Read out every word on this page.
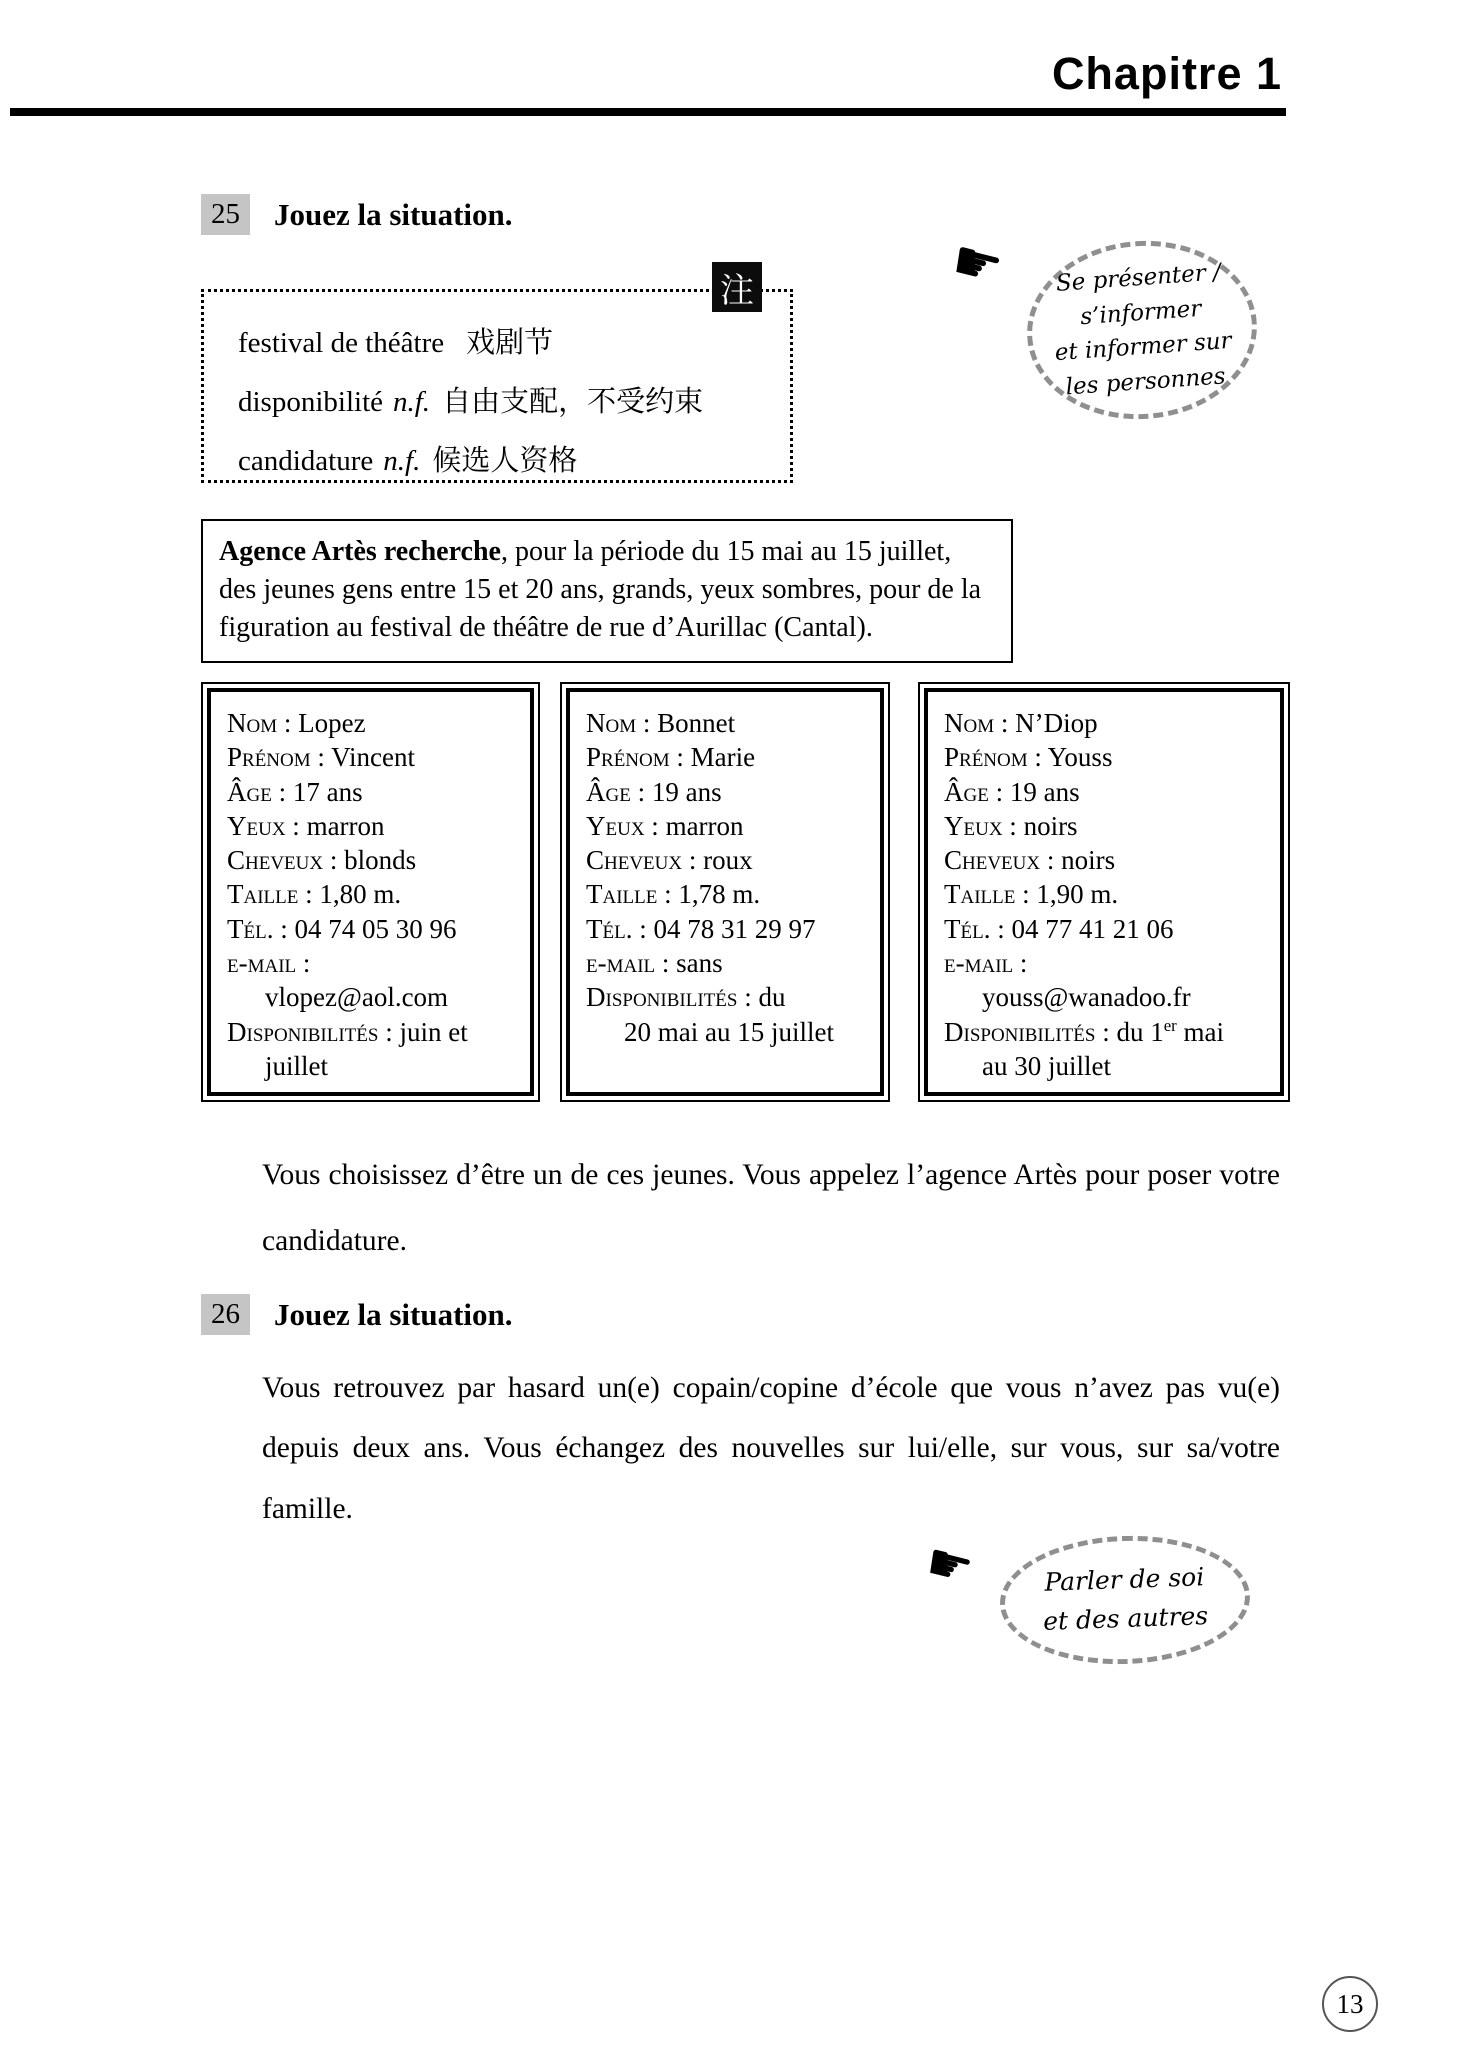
Chapitre 1
25	Jouez la situation.
festival de théâtre 戏剧节
disponibilité n.f. 自由支配，不受约束
candidature n.f. 候选人资格
注	☛	Se présenter /
s’informer
et informer sur
les personnes
Agence Artès recherche, pour la période du 15 mai au 15 juillet, des jeunes gens entre 15 et 20 ans, grands, yeux sombres, pour de la figuration au festival de théâtre de rue d’Aurillac (Cantal).
Nom : Lopez
Prénom : Vincent
Âge : 17 ans
Yeux : marron
Cheveux : blonds
Taille : 1,80 m.
Tél. : 04 74 05 30 96
e-mail :
vlopez@aol.com
Disponibilités : juin et
juillet
Nom : Bonnet
Prénom : Marie
Âge : 19 ans
Yeux : marron
Cheveux : roux
Taille : 1,78 m.
Tél. : 04 78 31 29 97
e-mail : sans
Disponibilités : du
20 mai au 15 juillet
Nom : N’Diop
Prénom : Youss
Âge : 19 ans
Yeux : noirs
Cheveux : noirs
Taille : 1,90 m.
Tél. : 04 77 41 21 06
e-mail :
youss@wanadoo.fr
Disponibilités : du 1er mai
au 30 juillet

Vous choisissez d’être un de ces jeunes. Vous appelez l’agence Artès pour poser votre candidature.

26	Jouez la situation.

Vous retrouvez par hasard un(e) copain/copine d’école que vous n’avez pas vu(e) depuis deux ans. Vous échangez des nouvelles sur lui/elle, sur vous, sur sa/votre famille.

☛	Parler de soi
et des autres
13
